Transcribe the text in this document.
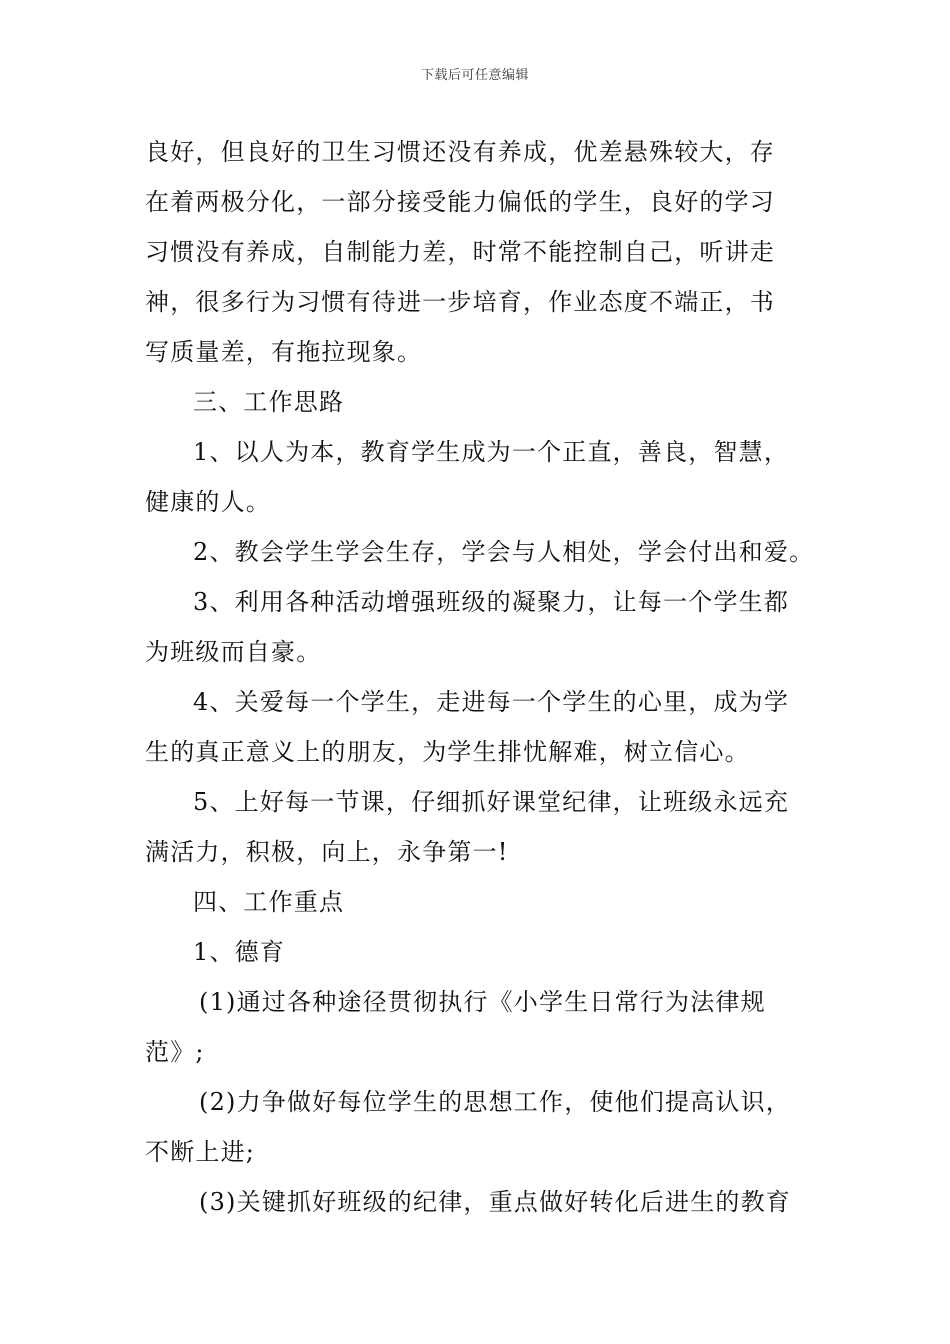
下载后可任意编辑
良好，但良好的卫生习惯还没有养成，优差悬殊较大，存
在着两极分化，一部分接受能力偏低的学生，良好的学习
习惯没有养成，自制能力差，时常不能控制自己，听讲走
神，很多行为习惯有待进一步培育，作业态度不端正，书
写质量差，有拖拉现象。
三、工作思路
1、以人为本，教育学生成为一个正直，善良，智慧，
健康的人。
2、教会学生学会生存，学会与人相处，学会付出和爱。
3、利用各种活动增强班级的凝聚力，让每一个学生都
为班级而自豪。
4、关爱每一个学生，走进每一个学生的心里，成为学
生的真正意义上的朋友，为学生排忧解难，树立信心。
5、上好每一节课，仔细抓好课堂纪律，让班级永远充
满活力，积极，向上，永争第一!
四、工作重点
1、德育
(1)通过各种途径贯彻执行《小学生日常行为法律规
范》;
(2)力争做好每位学生的思想工作，使他们提高认识，
不断上进;
(3)关键抓好班级的纪律，重点做好转化后进生的教育
